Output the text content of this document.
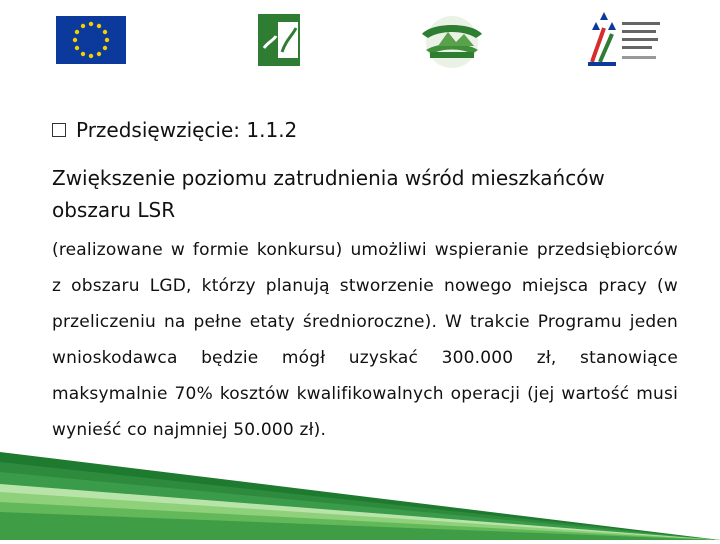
Przedsięwzięcie: 1.1.2

Zwiększenie poziomu zatrudnienia wśród mieszkańców obszaru LSR

(realizowane w formie konkursu) umożliwi wspieranie przedsiębiorców z obszaru LGD, którzy planują stworzenie nowego miejsca pracy (w przeliczeniu na pełne etaty średnioroczne). W trakcie Programu jeden wnioskodawca będzie mógł uzyskać 300.000 zł, stanowiące maksymalnie 70% kosztów kwalifikowalnych operacji (jej wartość musi wynieść co najmniej 50.000 zł).
